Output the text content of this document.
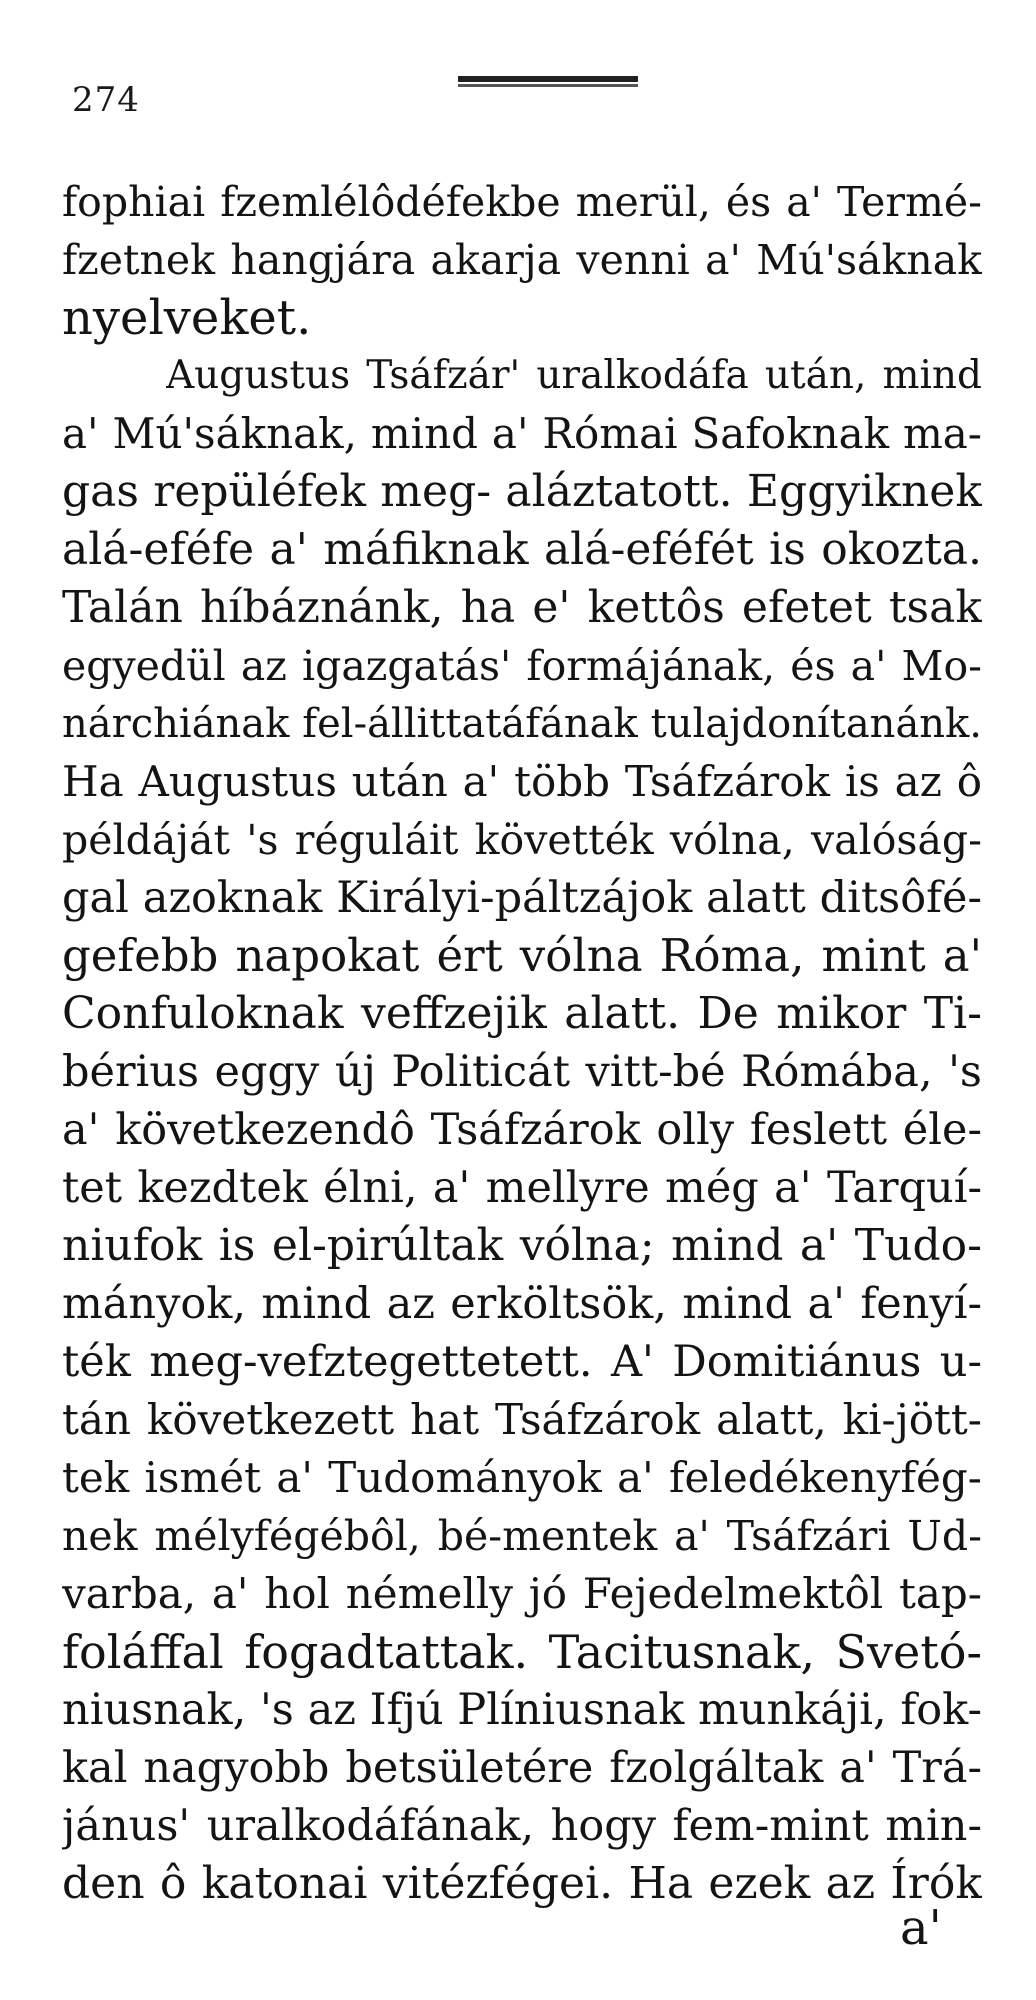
274
fophiai fzemlélôdéfekbe merül, és a' Termé-
fzetnek hangjára akarja venni a' Mú'sáknak
nyelveket.
Augustus Tsáfzár' uralkodáfa után, mind
a' Mú'sáknak, mind a' Római Safoknak ma-
gas repüléfek meg- aláztatott. Eggyiknek
alá-eféfe a' máfiknak alá-eféfét is okozta.
Talán híbáznánk, ha e' kettôs efetet tsak
egyedül az igazgatás' formájának, és a' Mo-
nárchiának fel-állittatáfának tulajdonítanánk.
Ha Augustus után a' több Tsáfzárok is az ô
példáját 's réguláit követték vólna, valóság-
gal azoknak Királyi-páltzájok alatt ditsôfé-
gefebb napokat ért vólna Róma, mint a'
Confuloknak veffzejik alatt. De mikor Ti-
bérius eggy új Politicát vitt-bé Rómába, 's
a' következendô Tsáfzárok olly feslett éle-
tet kezdtek élni, a' mellyre még a' Tarquí-
niufok is el-pirúltak vólna; mind a' Tudo-
mányok, mind az erköltsök, mind a' fenyí-
ték meg-vefztegettetett. A' Domitiánus u-
tán következett hat Tsáfzárok alatt, ki-jött-
tek ismét a' Tudományok a' feledékenyfég-
nek mélyfégébôl, bé-mentek a' Tsáfzári Ud-
varba, a' hol némelly jó Fejedelmektôl tap-
foláffal fogadtattak. Tacitusnak, Svetó-
niusnak, 's az Ifjú Plíniusnak munkáji, fok-
kal nagyobb betsületére fzolgáltak a' Trá-
jánus' uralkodáfának, hogy fem-mint min-
den ô katonai vitézfégei. Ha ezek az Írók
a'
